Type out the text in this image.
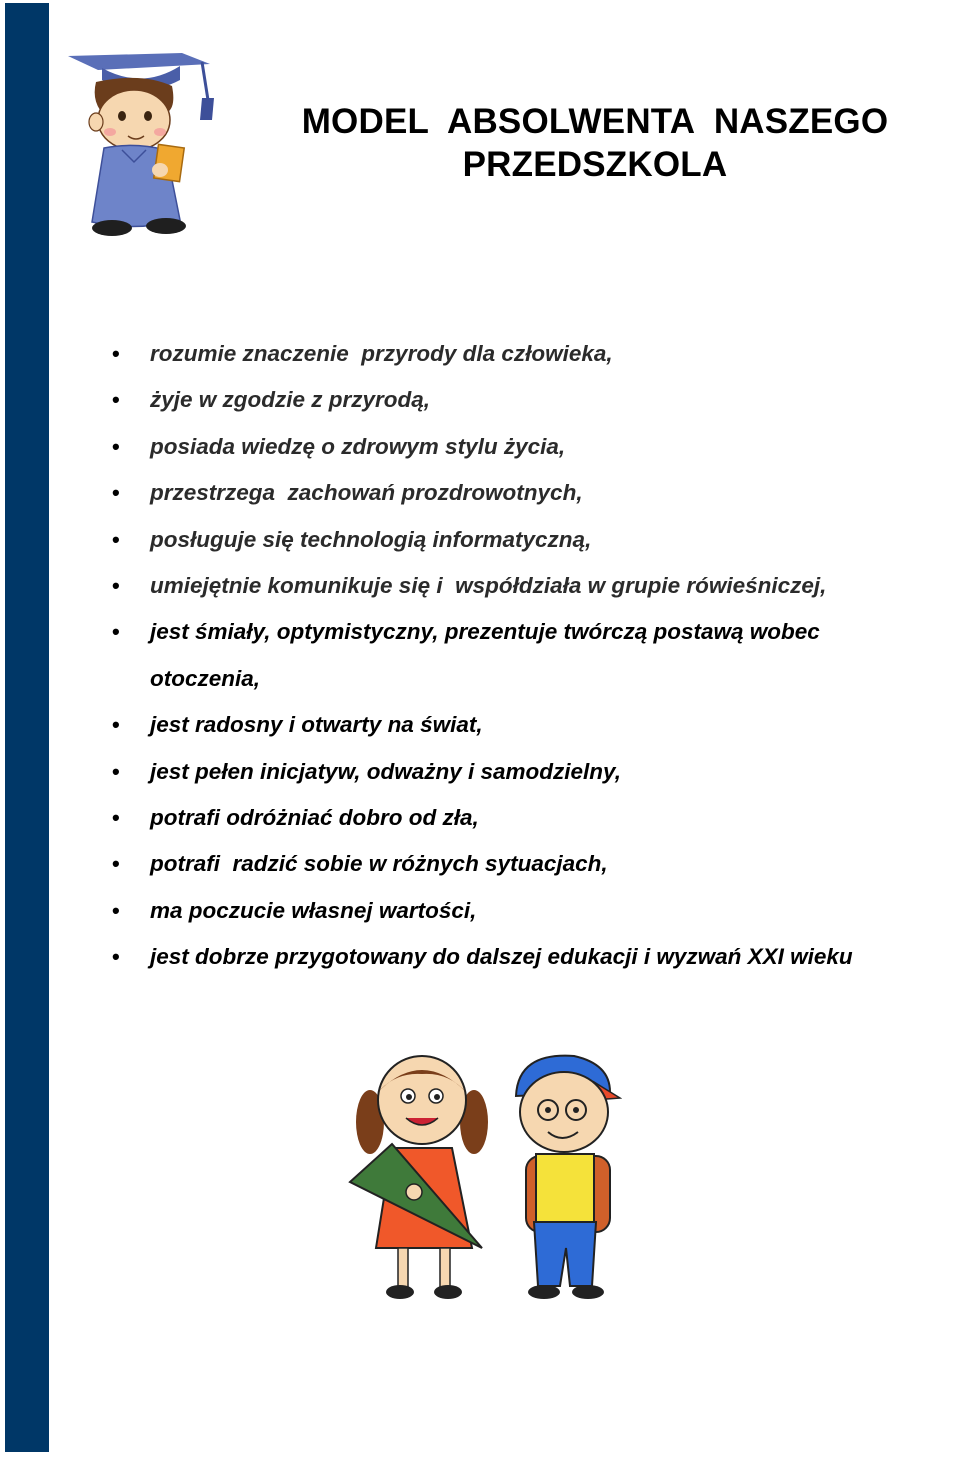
MODEL  ABSOLWENTA  NASZEGO
PRZEDSZKOLA
• rozumie znaczenie  przyrody dla człowieka,
• żyje w zgodzie z przyrodą,
• posiada wiedzę o zdrowym stylu życia,
• przestrzega  zachowań prozdrowotnych,
• posługuje się technologią informatyczną,
• umiejętnie komunikuje się i  współdziała w grupie rówieśniczej,
• jest śmiały, optymistyczny, prezentuje twórczą postawą wobec otoczenia,
• jest radosny i otwarty na świat,
• jest pełen inicjatyw, odważny i samodzielny,
• potrafi odróżniać dobro od zła,
• potrafi  radzić sobie w różnych sytuacjach,
• ma poczucie własnej wartości,
• jest dobrze przygotowany do dalszej edukacji i wyzwań XXI wieku
